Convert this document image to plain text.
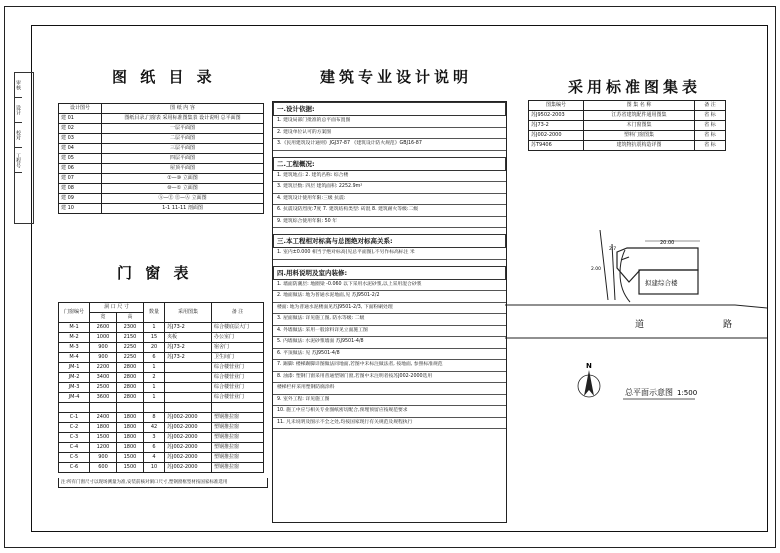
审核
设计
校对
工程号
图 纸 目 录
设计图号	图 纸 内 容
建 01	图纸目录,门窗表 采用标准图集表 设计说明 总平面图
建 02	一层平面图
建 03	二层平面图
建 04	三层平面图
建 05	四层平面图
建 06	屋顶平面图
建 07	①—⑩ 立面图
建 08	⑩—① 立面图
建 09	Ⓐ—Ⓔ Ⓔ—Ⓐ 立面图
建 10	1-1 11-11 剖面图
建筑专业设计说明
一.设计依据:
1. 建设局部门批准的总平面布置图
2. 建设单位认可的方案图
3.《民用建筑设计通则》JGJ37-87 《建筑设计防火规范》GBJ16-87
二.工程概况:
1. 建筑地点: 2. 建筑名称: 综合楼
3. 建筑层数: 四层 建筑面积: 2252.9m²
4. 建筑设计使用年限:三级 抗震:
6. 抗震设防烈度:7度 7. 建筑结构类型: 砖混 8. 建筑耐火等级:二级
9. 建筑综合使用年限: 50 年
三.本工程相对标高与总图绝对标高关系:
1. 室内±0.000 相当于绝对标高(见总平面图),不另作标高标注 米
四.用料说明及室内装修:
1. 墙面防潮层: 地圈梁 -0.060 以下采用水泥砂浆,以上采用混合砂浆
2. 地面做法: 地为普通水泥地面,见 苏J9501-2/2
楼面: 地为普通水泥楼面见苏J9501-2/3, 下面粉刷处理
3. 屋面做法: 详见施工图, 防水等级: 二级
4. 外墙做法: 采用一般涂料详见立面施工图
5. 内墙做法: 水泥砂浆墙面 苏J9501-4/8
6. 平顶做法: 见 苏J9501-4/8
7. 踢脚: 楼梯踢脚详图做法同地面,若图中未标注做法者, 按地面, 参照标准规范
8. 油漆: 塑钢门窗采用普通塑钢门窗,若图中未注明者按苏J002-2000选用
楼梯栏杆采用塑钢防腐涂料
9. 室外工程: 详见施工图
10. 施工中应与相关专业图纸密切配合,预埋预留应按规范要求
11. 凡未说明及图示不全之处,均按国家现行有关规范及规程执行
采用标准图集表
图集编号	图 集 名 称	备 注
苏J9502-2003	江苏省建筑配件通用图集	省 标
苏J73-2	木门窗图集	省 标
苏J002-2000	塑料门窗图集	省 标
苏T9406	建筑物抗震构造详图	省 标
门 窗 表
门窗编号	洞 口 尺 寸		数量	采用图集	备 注
	宽	高			
M-1	2600	2300	1	苏J73-2	综合楼底层大门
M-2	1000	2150	15	夹板	办公室门
M-3	900	2250	20	苏J73-2	宿舍门
M-4	900	2250	6	苏J73-2	卫生间门
JM-1	2200	2800	1		综合楼营业门
JM-2	3400	2800	2		综合楼营业门
JM-3	2500	2800	1		综合楼营业门
JM-4	3600	2800	1		综合楼营业门

C-1	2400	1800	8	苏J002-2000	塑钢推拉窗
C-2	1800	1800	42	苏J002-2000	塑钢推拉窗
C-3	1500	1800	3	苏J002-2000	塑钢推拉窗
C-4	1200	1800	6	苏J002-2000	塑钢推拉窗
C-5	900	1500	4	苏J002-2000	塑钢推拉窗
C-6	600	1500	10	苏J002-2000	塑钢推拉窗
注:所有门窗尺寸以现场测量为准,安装前核对洞口尺寸,塑钢窗框型材按国家标准选用
拟建综合楼
20.00
2.7
2.00
道	路
N
总平面示意图 1:500
